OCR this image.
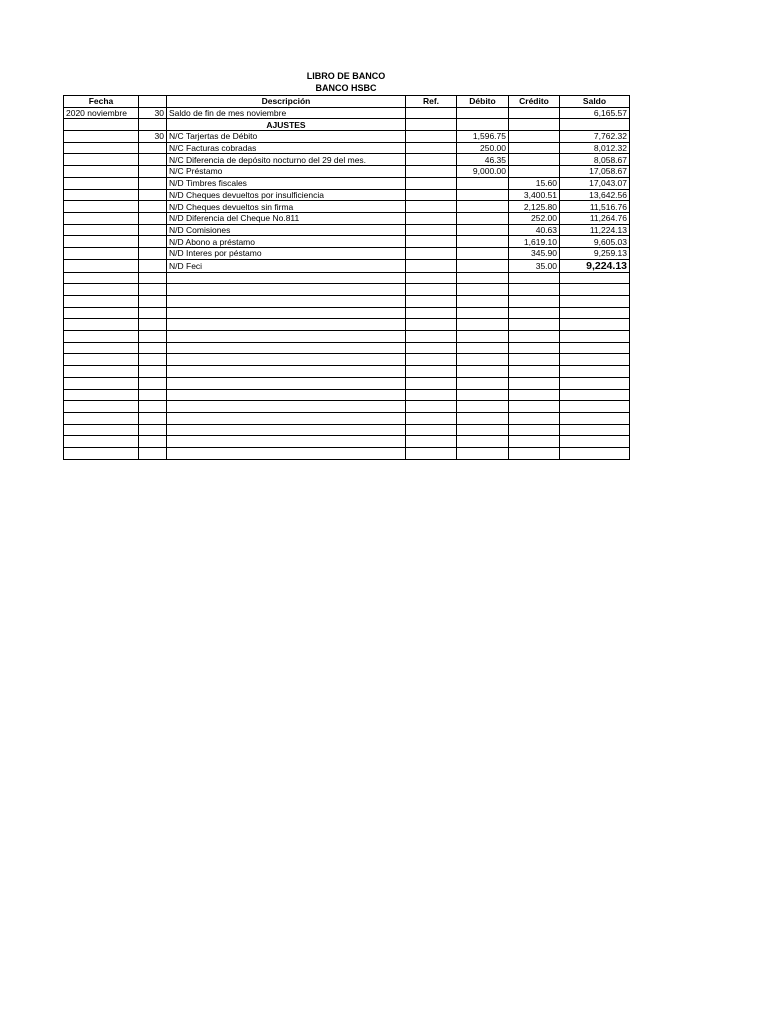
LIBRO DE BANCO
BANCO HSBC
Fecha		Descripción	Ref.	Débito	Crédito	Saldo
2020 noviembre	30	Saldo de fin de mes noviembre				6,165.57
		AJUSTES				
	30	N/C Tarjertas de Débito		1,596.75		7,762.32
		N/C Facturas cobradas		250.00		8,012.32
		N/C Diferencia de depósito nocturno del 29 del mes.		46.35		8,058.67
		N/C Préstamo		9,000.00		17,058.67
		N/D Timbres fiscales			15.60	17,043.07
		N/D Cheques devueltos por insulficiencia			3,400.51	13,642.56
		N/D Cheques devueltos sin firma			2,125.80	11,516.76
		N/D Diferencia del Cheque No.811			252.00	11,264.76
		N/D Comisiones			40.63	11,224.13
		N/D Abono a préstamo			1,619.10	9,605.03
		N/D Interes por péstamo			345.90	9,259.13
		N/D Feci			35.00	9,224.13
